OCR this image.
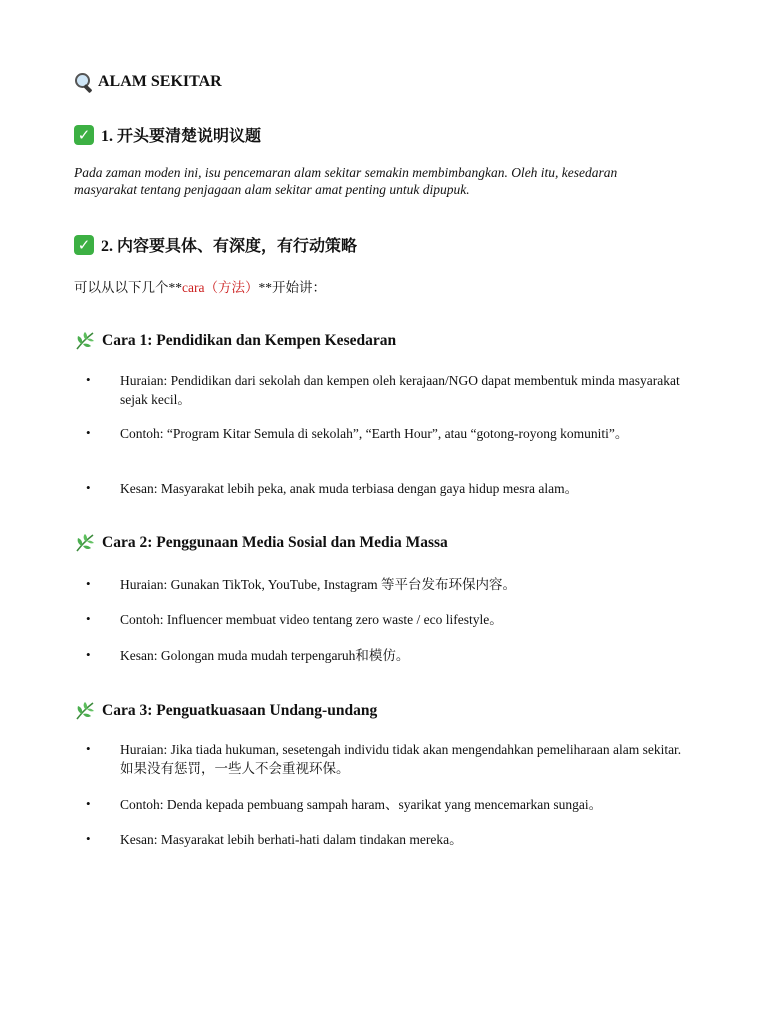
ALAM SEKITAR
✓ 1. 开头要清楚说明议题
Pada zaman moden ini, isu pencemaran alam sekitar semakin membimbangkan. Oleh itu, kesedaran masyarakat tentang penjagaan alam sekitar amat penting untuk dipupuk.
✓ 2. 内容要具体、有深度，有行动策略
可以从以下几个**cara（方法）**开始讲：
Cara 1: Pendidikan dan Kempen Kesedaran
• Huraian: Pendidikan dari sekolah dan kempen oleh kerajaan/NGO dapat membentuk minda masyarakat sejak kecil。
• Contoh: “Program Kitar Semula di sekolah”, “Earth Hour”, atau “gotong-royong komuniti”。
• Kesan: Masyarakat lebih peka, anak muda terbiasa dengan gaya hidup mesra alam。
Cara 2: Penggunaan Media Sosial dan Media Massa
• Huraian: Gunakan TikTok, YouTube, Instagram 等平台发布环保内容。
• Contoh: Influencer membuat video tentang zero waste / eco lifestyle。
• Kesan: Golongan muda mudah terpengaruh和模仿。
Cara 3: Penguatkuasaan Undang-undang
• Huraian: Jika tiada hukuman, sesetengah individu tidak akan mengendahkan pemeliharaan alam sekitar. 如果没有惩罚，一些人不会重视环保。
• Contoh: Denda kepada pembuang sampah haram、syarikat yang mencemarkan sungai。
• Kesan: Masyarakat lebih berhati-hati dalam tindakan mereka。
